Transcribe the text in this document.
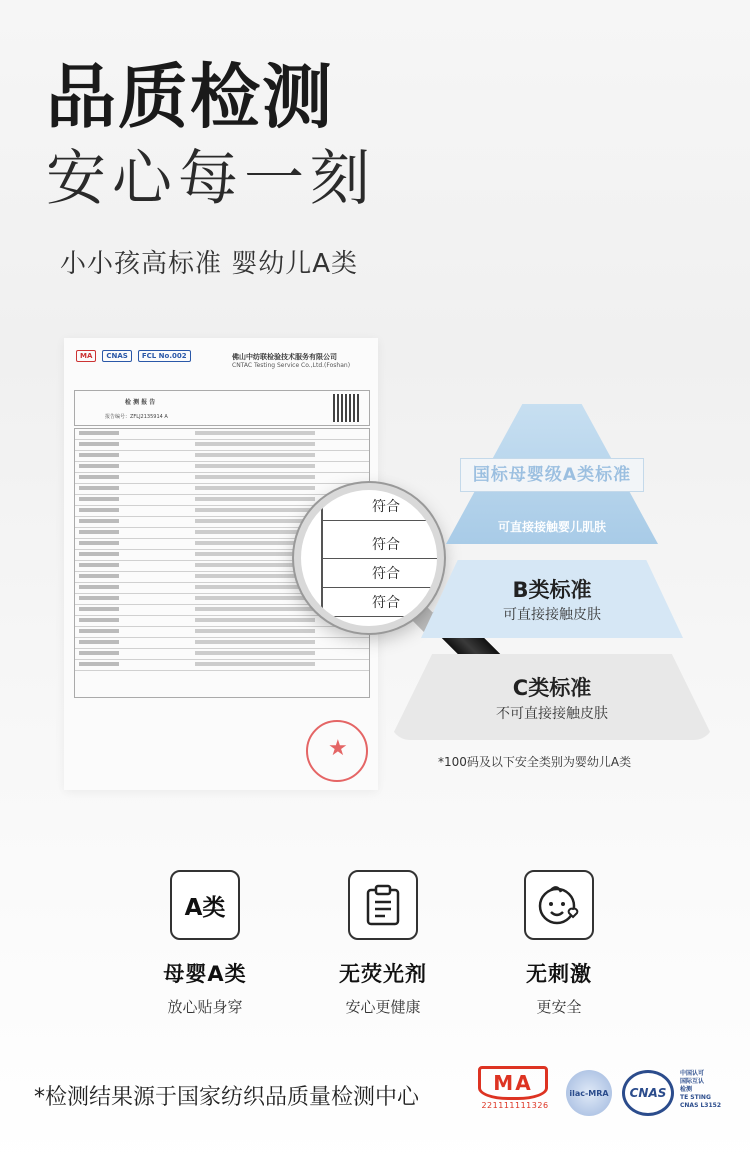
品质检测
安心每一刻
小小孩高标准 婴幼儿A类
MA	CNAS	FCL No.002	佛山中纺联检验技术服务有限公司
CNTAC Testing Service Co.,Ltd.(Foshan)
检 测 报 告
报告编号：ZFLJ2135914 A
★
符合
符合
符合
符合
国标母婴级A类标准
可直接接触婴儿肌肤
B类标准
可直接接触皮肤
C类标准
不可直接接触皮肤
*100码及以下安全类别为婴幼儿A类
A类
母婴A类
放心贴身穿
无荧光剂
安心更健康
无刺激
更安全
*检测结果源于国家纺织品质量检测中心
MA
221111111326
ilac-MRA	CNAS
中国认可
国际互认
检测
TE STING
CNAS L3152
